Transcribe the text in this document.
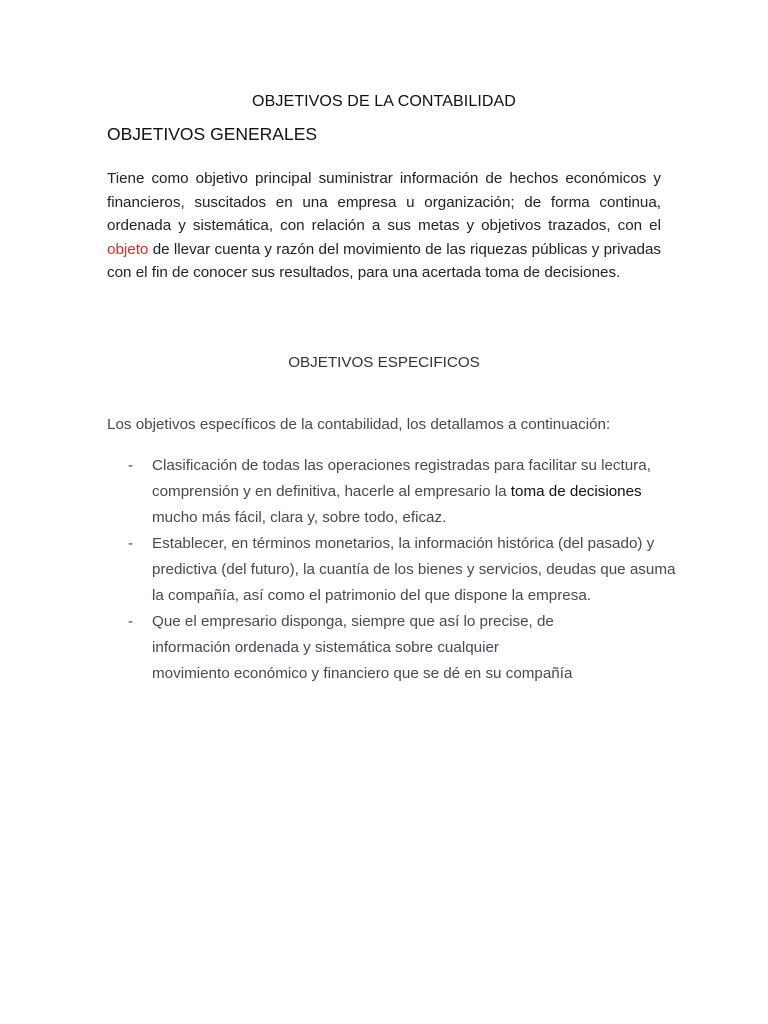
OBJETIVOS DE LA CONTABILIDAD
OBJETIVOS GENERALES
Tiene como objetivo principal suministrar información de hechos económicos y financieros, suscitados en una empresa u organización; de forma continua, ordenada y sistemática, con relación a sus metas y objetivos trazados, con el objeto de llevar cuenta y razón del movimiento de las riquezas públicas y privadas con el fin de conocer sus resultados, para una acertada toma de decisiones.
OBJETIVOS ESPECIFICOS
Los objetivos específicos de la contabilidad, los detallamos a continuación:
- Clasificación de todas las operaciones registradas para facilitar su lectura, comprensión y en definitiva, hacerle al empresario la toma de decisiones mucho más fácil, clara y, sobre todo, eficaz.
- Establecer, en términos monetarios, la información histórica (del pasado) y predictiva (del futuro), la cuantía de los bienes y servicios, deudas que asuma la compañía, así como el patrimonio del que dispone la empresa.
- Que el empresario disponga, siempre que así lo precise, de
información ordenada y sistemática sobre cualquier
movimiento económico y financiero que se dé en su compañía
